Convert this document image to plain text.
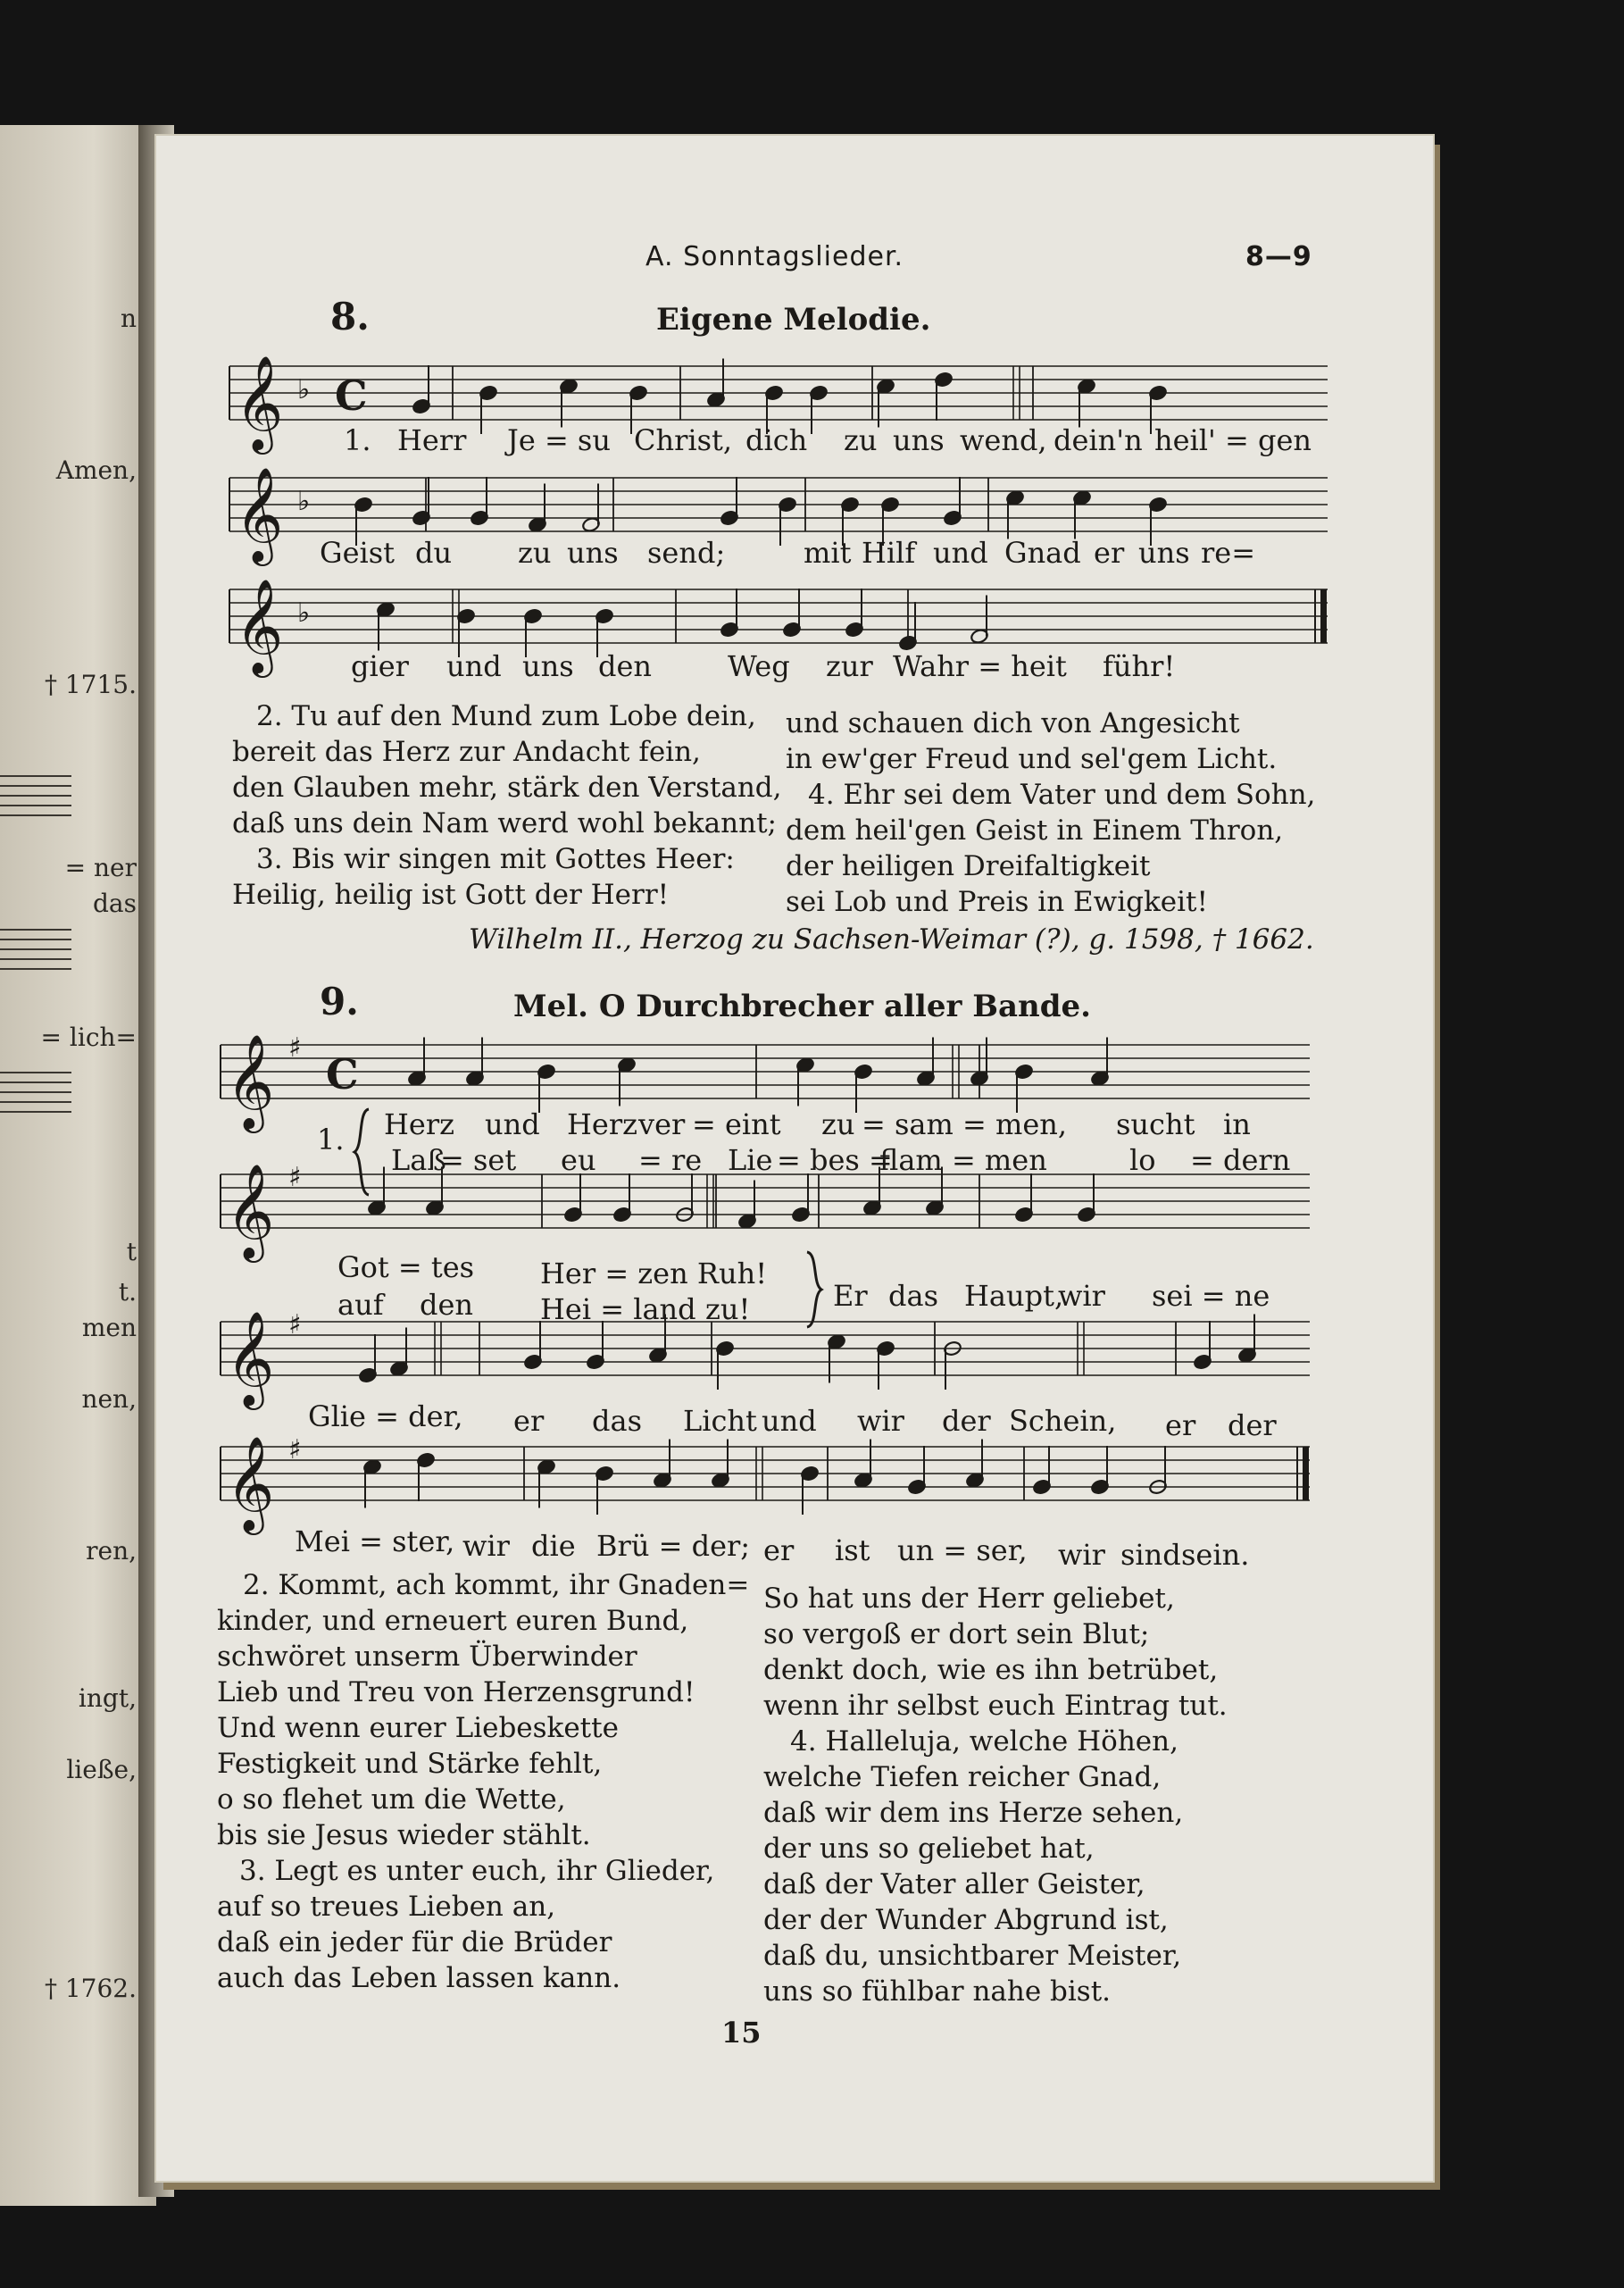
n
Amen,
† 1715.
= ner
das
= lich=
t
t.
men
nen,
ren,
ingt,
ließe,
† 1762.
A. Sonntagslieder.	8—9
8.	Eigene Melodie.
𝄞 ♭ C
1. Herr Je = su Christ, dich zu uns wend, dein'n heil' = gen
𝄞 ♭
Geist du zu uns send;	mit Hilf und Gnad er uns re=
𝄞 ♭
gier und uns den	Weg zur Wahr = heit führ!
2. Tu auf den Mund zum Lobe dein,
bereit das Herz zur Andacht fein,
den Glauben mehr, stärk den Verstand,
daß uns dein Nam werd wohl bekannt;
3. Bis wir singen mit Gottes Heer:
Heilig, heilig ist Gott der Herr!
und schauen dich von Angesicht
in ew'ger Freud und sel'gem Licht.
4. Ehr sei dem Vater und dem Sohn,
dem heil'gen Geist in Einem Thron,
der heiligen Dreifaltigkeit
sei Lob und Preis in Ewigkeit!
Wilhelm II., Herzog zu Sachsen-Weimar (?), g. 1598, † 1662.
9.	Mel. O Durchbrecher aller Bande.
𝄞 ♯
C
1. Herz und Herz ver = eint zu = sam = men, sucht in
Laß
= set eu = re Lie = bes =
flam = men	lo = dern
𝄞 ♯
Got = tes Her = zen Ruh!
auf den Hei = land zu!	Er das Haupt,
wir sei = ne
𝄞 ♯
Glie = der, er das Licht und wir der Schein, er der
𝄞 ♯
Mei = ster, wir die Brü = der; er ist un = ser, wir sind sein.
2. Kommt, ach kommt, ihr Gnaden=
kinder, und erneuert euren Bund,
schwöret unserm Überwinder
Lieb und Treu von Herzensgrund!
Und wenn eurer Liebeskette
Festigkeit und Stärke fehlt,
o so flehet um die Wette,
bis sie Jesus wieder stählt.
3. Legt es unter euch, ihr Glieder,
auf so treues Lieben an,
daß ein jeder für die Brüder
auch das Leben lassen kann.
So hat uns der Herr geliebet,
so vergoß er dort sein Blut;
denkt doch, wie es ihn betrübet,
wenn ihr selbst euch Eintrag tut.
4. Halleluja, welche Höhen,
welche Tiefen reicher Gnad,
daß wir dem ins Herze sehen,
der uns so geliebet hat,
daß der Vater aller Geister,
der der Wunder Abgrund ist,
daß du, unsichtbarer Meister,
uns so fühlbar nahe bist.
15
